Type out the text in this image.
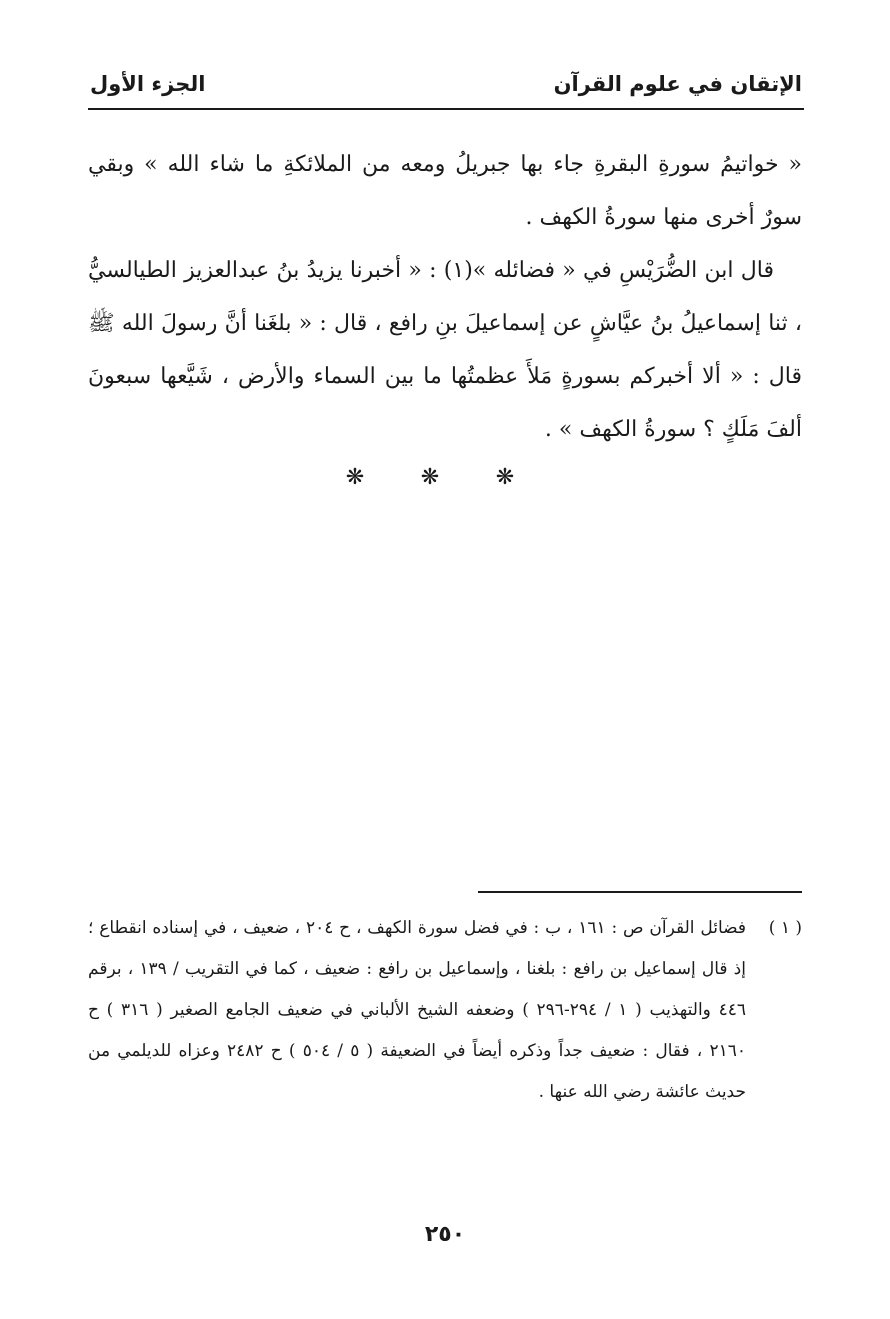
الإتقان في علوم القرآن
الجزء الأول

« خواتيمُ سورةِ البقرةِ جاء بها جبريلُ ومعه من الملائكةِ ما شاء الله » وبقي سورٌ أخرى منها سورةُ الكهف .

قال ابن الضُّرَيْسِ في « فضائله »(١) : « أخبرنا يزيدُ بنُ عبدالعزيز الطيالسيُّ ، ثنا إسماعيلُ بنُ عيَّاشٍ عن إسماعيلَ بنِ رافع ، قال : « بلغَنا أنَّ رسولَ الله ﷺ قال : « ألا أخبركم بسورةٍ مَلأَ عظمتُها ما بين السماء والأرض ، شَيَّعها سبعونَ ألفَ مَلَكٍ ؟ سورةُ الكهف » .

❋
❋
❋
( ١ )
فضائل القرآن ص : ١٦١ ، ب : في فضل سورة الكهف ، ح ٢٠٤ ، ضعيف ، في إسناده انقطاع ؛ إذ قال إسماعيل بن رافع : بلغنا ، وإسماعيل بن رافع : ضعيف ، كما في التقريب / ١٣٩ ، برقم ٤٤٦ والتهذيب ( ١ / ٢٩٤-٢٩٦ ) وضعفه الشيخ الألباني في ضعيف الجامع الصغير ( ٣١٦ ) ح ٢١٦٠ ، فقال : ضعيف جداً وذكره أيضاً في الضعيفة ( ٥ / ٥٠٤ ) ح ٢٤٨٢ وعزاه للديلمي من حديث عائشة رضي الله عنها .
٢٥٠
